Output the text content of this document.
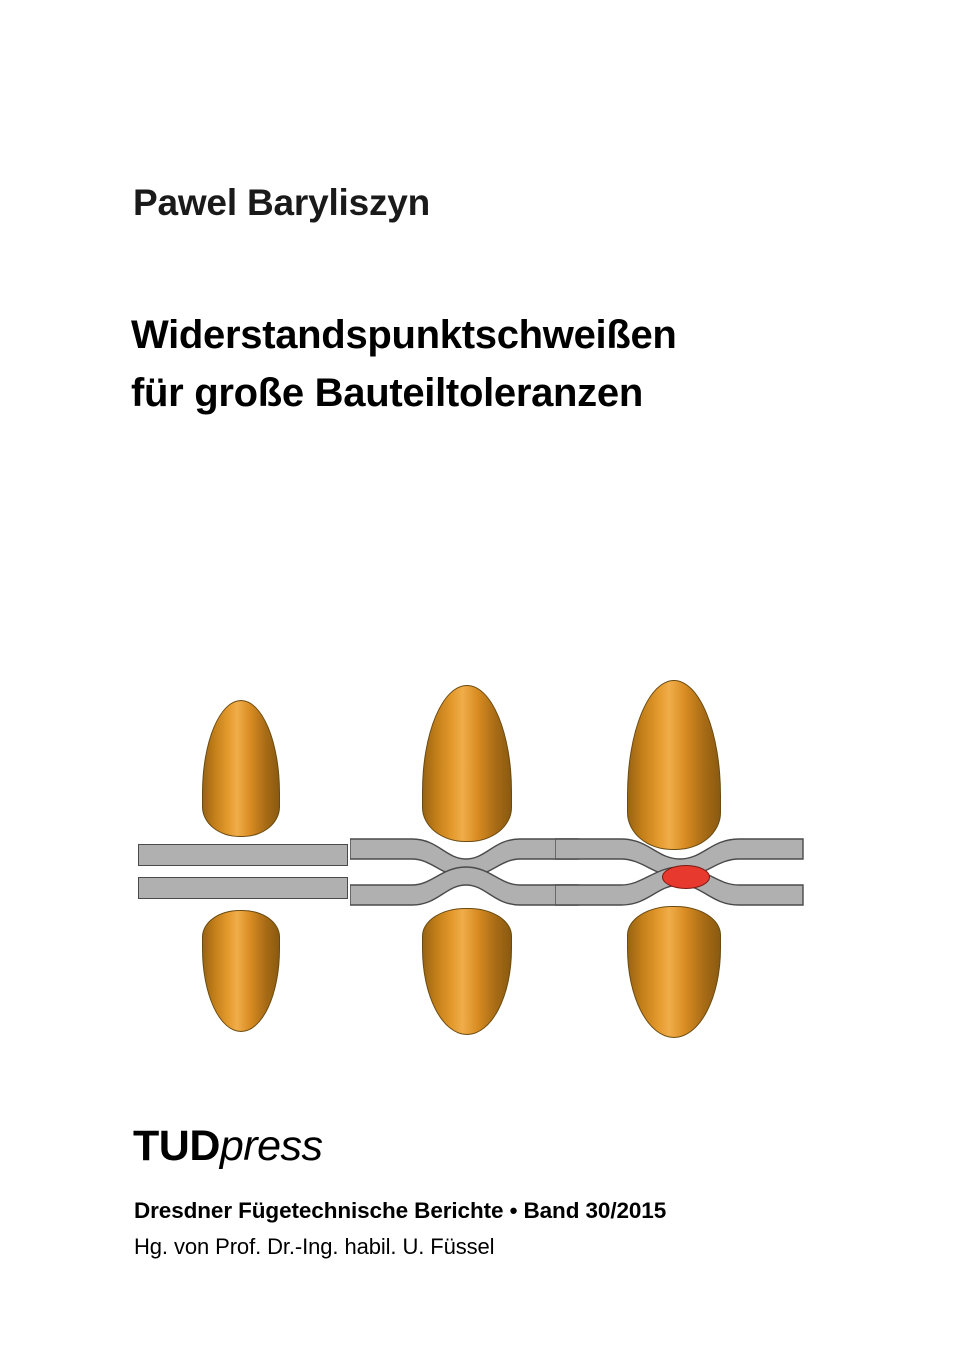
Pawel Baryliszyn
Widerstandspunktschweißen
für große Bauteiltoleranzen
TUDpress
Dresdner Fügetechnische Berichte • Band 30/2015
Hg. von Prof. Dr.-Ing. habil. U. Füssel
